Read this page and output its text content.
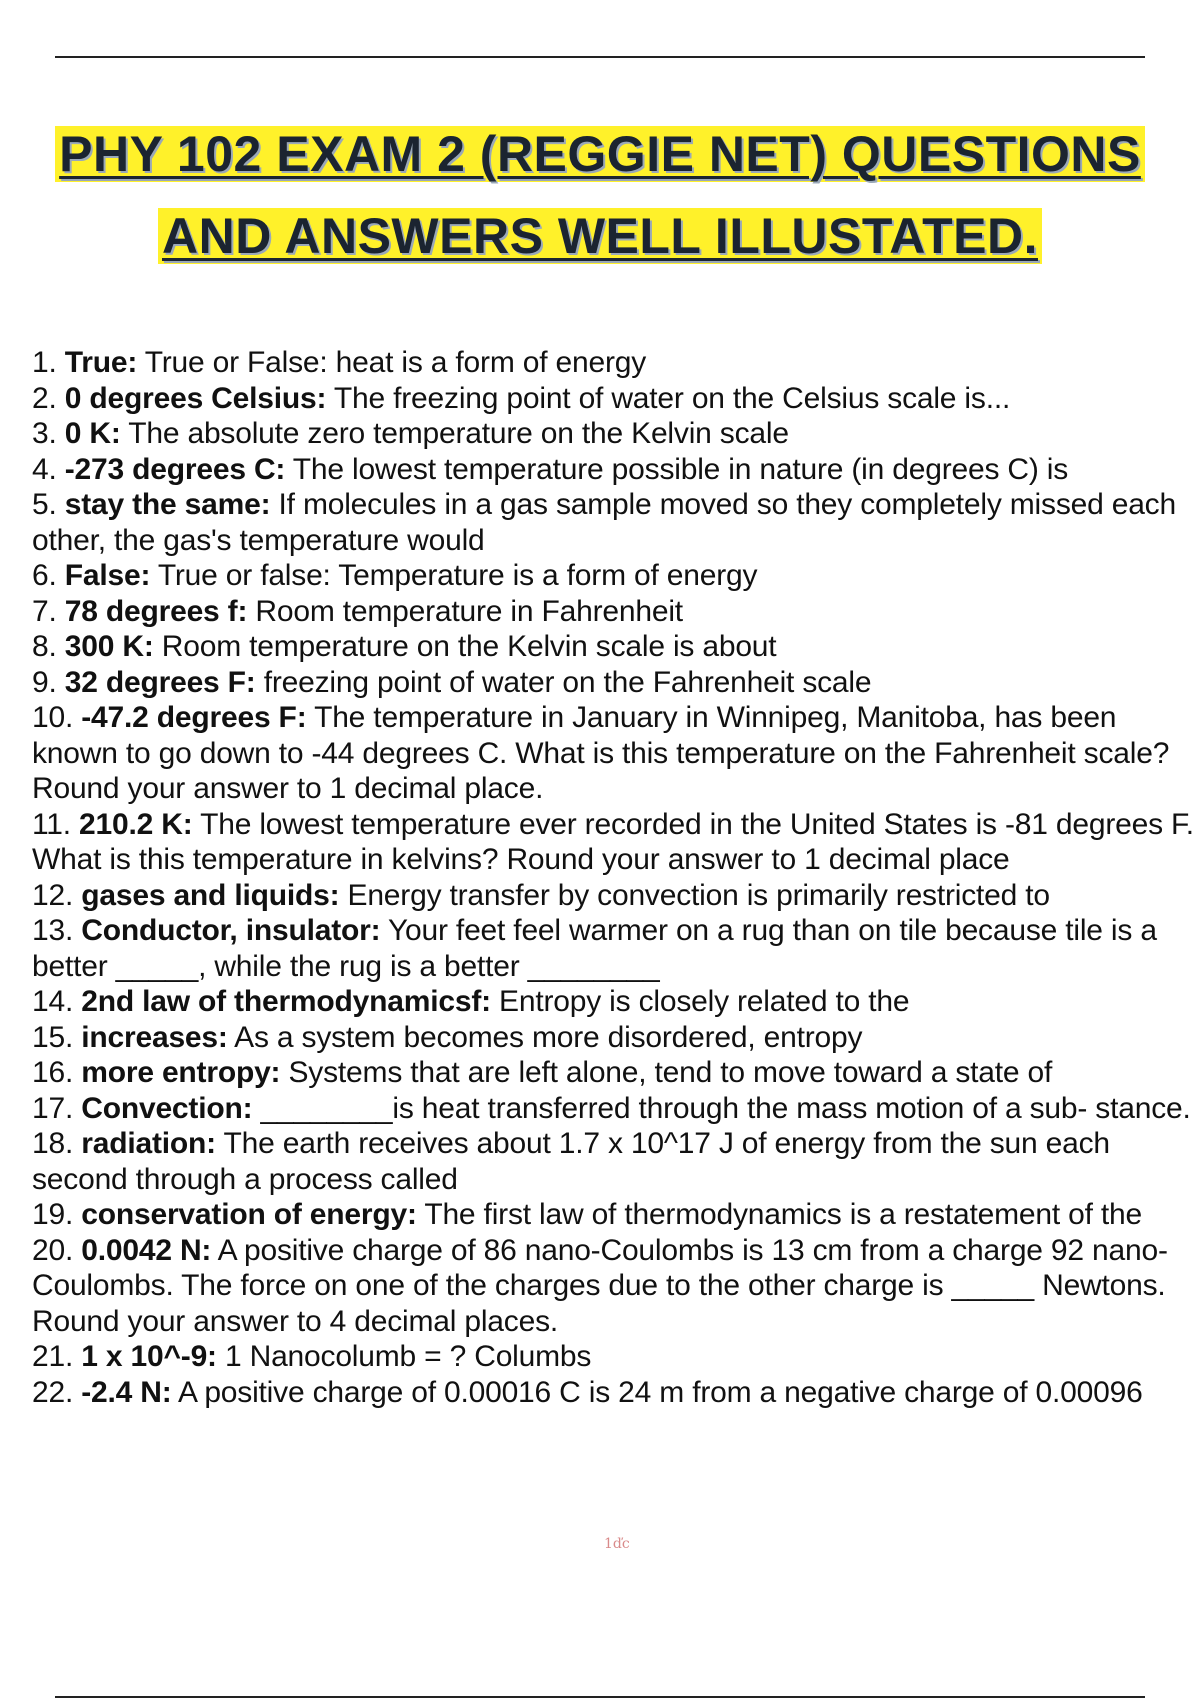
PHY 102 EXAM 2 (REGGIE NET) QUESTIONS
AND ANSWERS WELL ILLUSTATED.

1. True: True or False: heat is a form of energy

2. 0 degrees Celsius: The freezing point of water on the Celsius scale is...

3. 0 K: The absolute zero temperature on the Kelvin scale

4. -273 degrees C: The lowest temperature possible in nature (in degrees C) is

5. stay the same: If molecules in a gas sample moved so they completely missed each other, the gas's temperature would

6. False: True or false: Temperature is a form of energy

7. 78 degrees f: Room temperature in Fahrenheit

8. 300 K: Room temperature on the Kelvin scale is about

9. 32 degrees F: freezing point of water on the Fahrenheit scale

10. -47.2 degrees F: The temperature in January in Winnipeg, Manitoba, has been known to go down to -44 degrees C. What is this temperature on the Fahrenheit scale? Round your answer to 1 decimal place.

11. 210.2 K: The lowest temperature ever recorded in the United States is -81 degrees F. What is this temperature in kelvins? Round your answer to 1 decimal place

12. gases and liquids: Energy transfer by convection is primarily restricted to

13. Conductor, insulator: Your feet feel warmer on a rug than on tile because tile is a better _____, while the rug is a better ________

14. 2nd law of thermodynamicsf: Entropy is closely related to the

15. increases: As a system becomes more disordered, entropy

16. more entropy: Systems that are left alone, tend to move toward a state of

17. Convection: ________is heat transferred through the mass motion of a sub- stance.

18. radiation: The earth receives about 1.7 x 10^17 J of energy from the sun each second through a process called

19. conservation of energy: The first law of thermodynamics is a restatement of the

20. 0.0042 N: A positive charge of 86 nano-Coulombs is 13 cm from a charge 92 nano-Coulombs. The force on one of the charges due to the other charge is _____ Newtons. Round your answer to 4 decimal places.

21. 1 x 10^-9: 1 Nanocolumb = ? Columbs

22. -2.4 N: A positive charge of 0.00016 C is 24 m from a negative charge of 0.00096

1ďc
